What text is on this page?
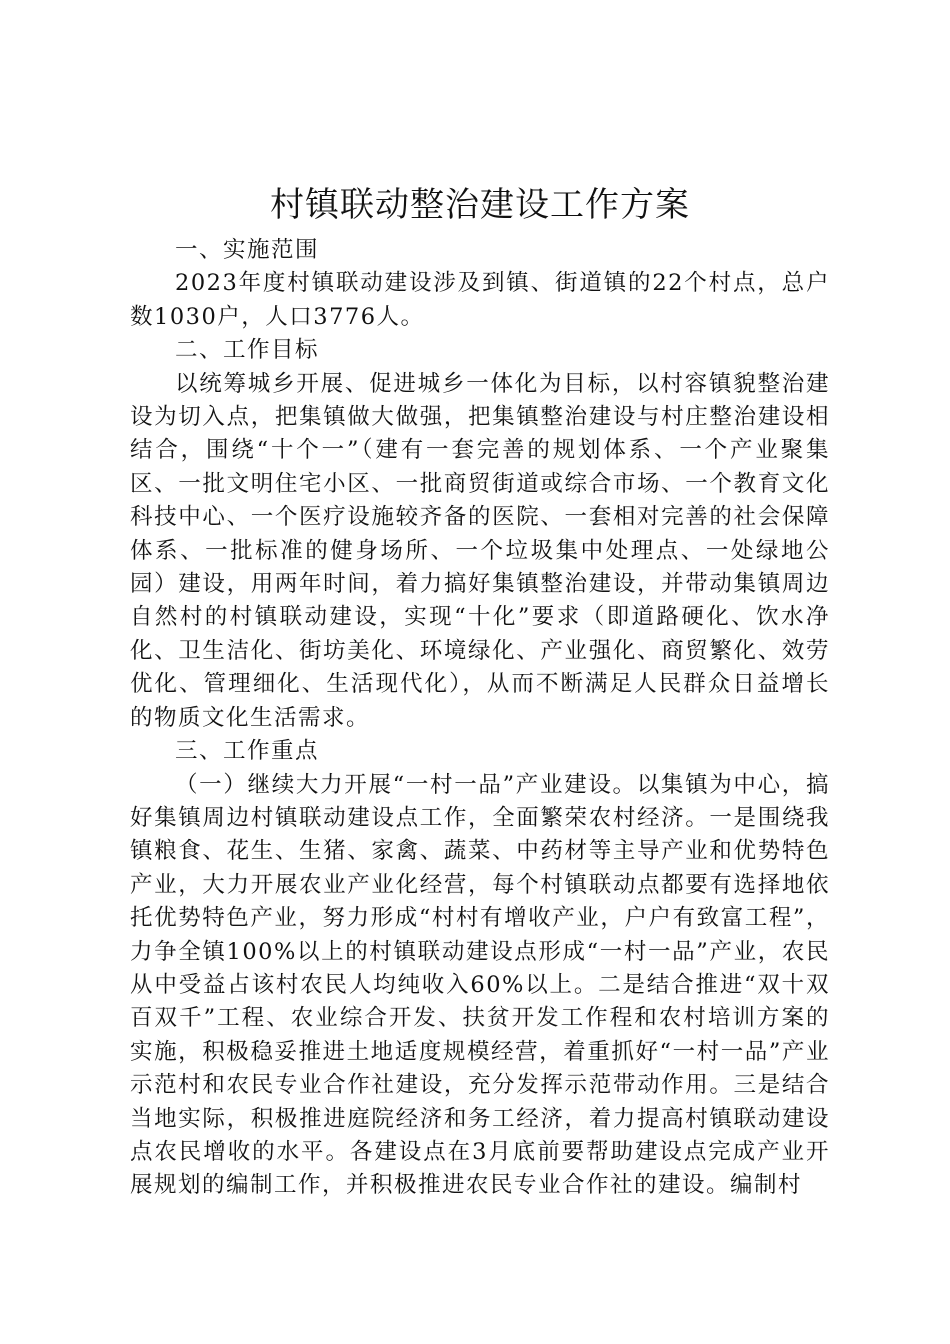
村镇联动整治建设工作方案

一、实施范围

2023年度村镇联动建设涉及到镇、街道镇的22个村点，总户数1030户，人口3776人。

二、工作目标

以统筹城乡开展、促进城乡一体化为目标，以村容镇貌整治建设为切入点，把集镇做大做强，把集镇整治建设与村庄整治建设相结合，围绕“十个一”（建有一套完善的规划体系、一个产业聚集区、一批文明住宅小区、一批商贸街道或综合市场、一个教育文化科技中心、一个医疗设施较齐备的医院、一套相对完善的社会保障体系、一批标准的健身场所、一个垃圾集中处理点、一处绿地公园）建设，用两年时间，着力搞好集镇整治建设，并带动集镇周边自然村的村镇联动建设，实现“十化”要求（即道路硬化、饮水净化、卫生洁化、街坊美化、环境绿化、产业强化、商贸繁化、效劳优化、管理细化、生活现代化），从而不断满足人民群众日益增长的物质文化生活需求。

三、工作重点

（一）继续大力开展“一村一品”产业建设。以集镇为中心，搞好集镇周边村镇联动建设点工作，全面繁荣农村经济。一是围绕我镇粮食、花生、生猪、家禽、蔬菜、中药材等主导产业和优势特色产业，大力开展农业产业化经营，每个村镇联动点都要有选择地依托优势特色产业，努力形成“村村有增收产业，户户有致富工程”，力争全镇100%以上的村镇联动建设点形成“一村一品”产业，农民从中受益占该村农民人均纯收入60%以上。二是结合推进“双十双百双千”工程、农业综合开发、扶贫开发工作程和农村培训方案的实施，积极稳妥推进土地适度规模经营，着重抓好“一村一品”产业示范村和农民专业合作社建设，充分发挥示范带动作用。三是结合当地实际，积极推进庭院经济和务工经济，着力提高村镇联动建设点农民增收的水平。各建设点在3月底前要帮助建设点完成产业开展规划的编制工作，并积极推进农民专业合作社的建设。编制村
